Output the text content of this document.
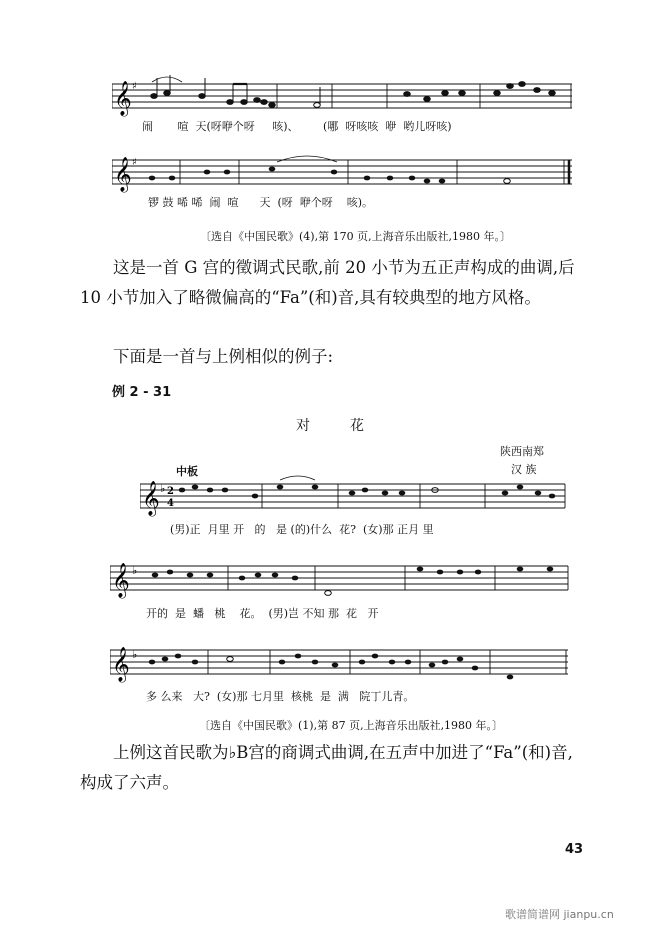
𝄞 ♯
闹       喧  天(呀咿个呀     咳)、       (哪  呀咳咳  咿  哟儿呀咳)
𝄞 ♯
锣 鼓 唏 唏  闹  喧      天  (呀  咿个呀    咳)。
〔选自《中国民歌》(4),第 170 页,上海音乐出版社,1980 年。〕
这是一首 G 宫的徵调式民歌,前 20 小节为五正声构成的曲调,后 10 小节加入了略微偏高的“Fa”(和)音,具有较典型的地方风格。
下面是一首与上例相似的例子:
例 2 - 31
对花
陕西南郑
汉 族
中板
𝄞 ♭ 2
4
(男)正  月里 开   的   是 (的)什么  花?  (女)那 正月 里
𝄞 ♭
开的  是  蟠   桃    花。  (男)岂 不知 那  花   开
𝄞 ♭
多 么来   大?  (女)那 七月里  核桃  是  满   院丁儿青。
〔选自《中国民歌》(1),第 87 页,上海音乐出版社,1980 年。〕
上例这首民歌为♭B宫的商调式曲调,在五声中加进了“Fa”(和)音,构成了六声。
43
歌谱简谱网 jianpu.cn
